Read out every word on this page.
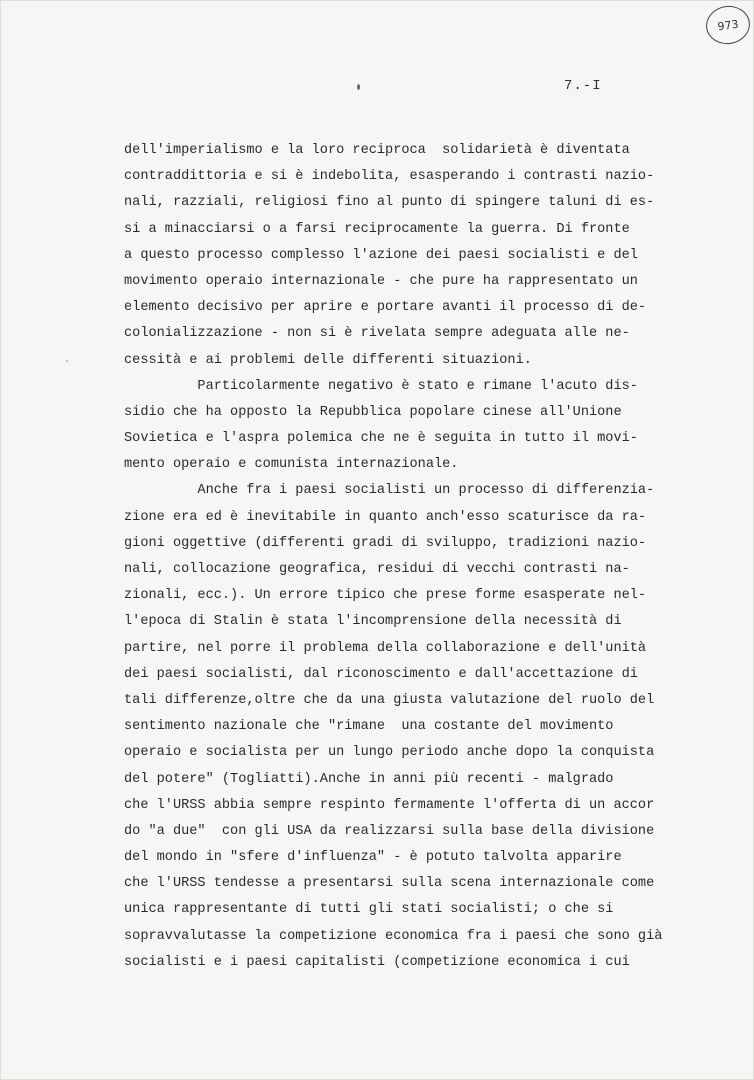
973
7.-I
dell'imperialismo e la loro reciproca  solidarietà è diventata
contraddittoria e si è indebolita, esasperando i contrasti nazio-
nali, razziali, religiosi fino al punto di spingere taluni di es-
si a minacciarsi o a farsi reciprocamente la guerra. Di fronte
a questo processo complesso l'azione dei paesi socialisti e del
movimento operaio internazionale - che pure ha rappresentato un
elemento decisivo per aprire e portare avanti il processo di de-
colonializzazione - non si è rivelata sempre adeguata alle ne-
cessità e ai problemi delle differenti situazioni.
Particolarmente negativo è stato e rimane l'acuto dis-
sidio che ha opposto la Repubblica popolare cinese all'Unione
Sovietica e l'aspra polemica che ne è seguita in tutto il movi-
mento operaio e comunista internazionale.
Anche fra i paesi socialisti un processo di differenzia-
zione era ed è inevitabile in quanto anch'esso scaturisce da ra-
gioni oggettive (differenti gradi di sviluppo, tradizioni nazio-
nali, collocazione geografica, residui di vecchi contrasti na-
zionali, ecc.). Un errore tipico che prese forme esasperate nel-
l'epoca di Stalin è stata l'incomprensione della necessità di
partire, nel porre il problema della collaborazione e dell'unità
dei paesi socialisti, dal riconoscimento e dall'accettazione di
tali differenze,oltre che da una giusta valutazione del ruolo del
sentimento nazionale che "rimane  una costante del movimento
operaio e socialista per un lungo periodo anche dopo la conquista
del potere" (Togliatti).Anche in anni più recenti - malgrado
che l'URSS abbia sempre respinto fermamente l'offerta di un accor
do "a due"  con gli USA da realizzarsi sulla base della divisione
del mondo in "sfere d'influenza" - è potuto talvolta apparire
che l'URSS tendesse a presentarsi sulla scena internazionale come
unica rappresentante di tutti gli stati socialisti; o che si
sopravvalutasse la competizione economica fra i paesi che sono già
socialisti e i paesi capitalisti (competizione economica i cui
